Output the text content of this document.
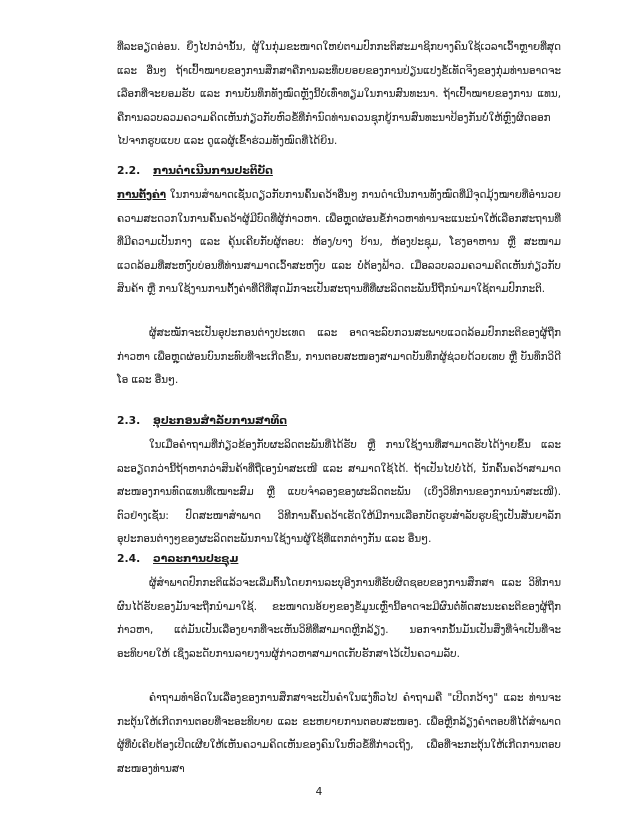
ທີ່ລະອຽດອ່ອນ. ຍິ່ງໄປກວ່ານັ້ນ, ຜູ້ໃນກຸ່ມຂະໜາດໃຫຍ່ຕາມປົກກະຕິສະມາຊິກບາງຄົນໃຊ້ເວລາເວົ້າຫຼາຍທີ່ສຸດ ແລະ ອື່ນໆ ຖ້າເປົ້າໝາຍຂອງການສຶກສາຄືການລະທຶບຍອຍຂອງການປ່ຽນແປງຂໍ້ເທັດຈິງຂອງກຸ່ມທ່ານອາດຈະເລືອກທີ່ຈະຍອມຮັບ ແລະ ການບັນທຶກທັງໝົດຫຼັງນີ້ບໍ່ເທົ່າທຽມໃນການສົນທະນາ. ຖ້າເປົ້າໝາຍຂອງການ ແທນ, ຄືການລວບລວມຄວາມຄິດເຫັນກ່ຽວກັບຫົວຂໍ້ທີ່ກຳນົດທ່ານຄວນຊຸກຍູ້ການສົນທະນາປ້ອງກັນບໍ່ໃຫ້ຫຼົງຜິດອອກໄປຈາກຮູບແບບ ແລະ ດູແລຜູ້ເຂົ້າຮ່ວມທັງໝົດທີ່ໄດ້ຍິນ.

2.2. ການດຳເນີນການປະຕິບັດ

ການຕັ້ງຄ່າ ໃນການສຳພາດເຊັ່ນດຽວກັບການຄົ້ນຄວ້າອື່ນໆ ການດຳເນີນການທັງໝົດທີ່ມີຈຸດມຸ້ງໝາຍທີ່ອຳນວຍຄວາມສະດວກໃນການຄົ້ນຄວ້າຜູ້ມີບົດທີ່ຜູ້ກ່າວຫາ. ເພື່ອຫຼຸດຜ່ອນຂໍ້ກ່າວຫາທ່ານຈະແນະນຳໃຫ້ເລືອກສະຖານທີ່ທີ່ມີຄວາມເປັນກາງ ແລະ ຄຸ້ນເຄີຍກັບຜູ້ຕອບ: ຫ້ອງ/ບາງ ບ້ານ, ຫ້ອງປະຊຸມ, ໂຮງອາຫານ ຫຼື ສະໜາມແວດລ້ອມທີ່ສະຫງົບບ່ອນທີ່ທ່ານສາມາດເວົ້າສະຫງົບ ແລະ ບໍ່ຕ້ອງຟ້າວ. ເມື່ອລວບລວມຄວາມຄິດເຫັນກ່ຽວກັບສິນຄ້າ ຫຼື ການໃຊ້ງານການຕັ້ງຄ່າທີ່ດີທີ່ສຸດມັກຈະເປັນສະຖານທີ່ທີ່ຜະລິດຕະພັນນີ້ຖືກນຳມາໃຊ້ຕາມປົກກະຕິ.

ຜູ້ສະໝັກຈະເປັນອຸປະກອນຕ່າງປະເທດ ແລະ ອາດຈະລົບກວນສະພາບແວດລ້ອມປົກກະຕິຂອງຜູ້ຖືກກ່າວຫາ ເພື່ອຫຼຸດຜ່ອນບົນກະທົບທີ່ຈະເກີດຂຶ້ນ, ການຕອບສະໜອງສາມາດບັນທຶກຜູ້ຊ່ວຍດ້ວຍເທບ ຫຼື ບັນທຶກວິດີໂອ ແລະ ອື່ນໆ.

2.3. ອຸປະກອນສຳລັບການສາທິດ

ໃນເມື່ອຄຳຖາມທີ່ກ່ຽວຂ້ອງກັບຜະລິດຕະພັນທີ່ໄດ້ຮັບ ຫຼື ການໃຊ້ງານທີ່ສາມາດຮັບໄດ້ງ່າຍຂຶ້ນ ແລະ ລະອຽດກວ່ານີ້ຖ້າຫາກວ່າສິນຄ້າທີ່ຖືເອງນຳສະເໜີ ແລະ ສາມາດໃຊ້ໄດ້. ຖ້າເປັນໄປບໍ່ໄດ້, ນັກຄົ້ນຄວ້າສາມາດສະໜອງການທົດແທນທີ່ເໝາະສົມ ຫຼື ແບບຈຳລອງຂອງຜະລິດຕະພັນ (ເບິ່ງວິທີການຂອງການນຳສະເໜີ). ຕົວຢ່າງເຊັ່ນ: ປົດສະໜາສຳພາດ ວິທີການຄົ້ນຄວ້າເຮັດໃຫ້ມີການເລືອກບັດຮູບສຳລັບຮູບຊົງເປັນສັນຍາລັກອຸປະກອນຕ່າງໆຂອງຜະລິດຕະພັນການໃຊ້ງານຜູ້ໃຊ້ທີ່ແຕກຕ່າງກັນ ແລະ ອື່ນໆ.

2.4. ວາລະການປະຊຸມ

ຜູ້ສຳພາດປົກກະຕິແລ້ວຈະເລີ່ມຕົ້ນໂດຍການລະບຸອີງການທີ່ຮັບຜິດຊອບຂອງການສຶກສາ ແລະ ວິທີການຜົນໄດ້ຮັບຂອງມັນຈະຖືກນຳມາໃຊ້. ຂະໜາດນອ້ຍໆຂອງຂໍ້ມູນເຫຼົ່ານີ້ອາດຈະມີຜົນຕໍ່ທັດສະນະຄະຕິຂອງຜູ້ຖືກກ່າວຫາ, ແຕ່ມັນເປັນເລື່ອງຍາກທີ່ຈະເຫັນວິທີທີ່ສາມາດຫຼີກລ້ຽງ. ນອກຈາກນັ້ນມັນເປັນສິ່ງທີ່ຈຳເປັນທີ່ຈະອະທິບາຍໃຫ້ ເຊິ່ງລະດັບການລາຍງານຜູ້ກ່າວຫາສາມາດເກັບຮັກສາໄວ້ເປັນຄວາມລັບ.

ຄຳຖາມທຳອິດໃນເລື່ອງຂອງການສຶກສາຈະເປັນຄຳໃນແງ່ທົ່ວໄປ ຄຳຖາມຄື "ເປີດກວ້າງ" ແລະ ທ່ານຈະກະຕຸ້ນໃຫ້ເກີດການຕອບທີ່ຈະອະທິບາຍ ແລະ ຂະຫຍາຍການຕອບສະໜອງ. ເພື່ອຫຼີກລ້ຽງຄຳຕອບທີ່ໄດ້ສຳພາດຜູ້ທີ່ບໍ່ເຄີຍຕ້ອງເປີດເຜີຍໃຫ້ເຫັນຄວາມຄິດເຫັນຂອງຄົນໃນຫົວຂໍ້ທີ່ກ່າວເຖິງ, ເພື່ອທີ່ຈະກະຕຸ້ນໃຫ້ເກີດການຕອບສະໜອງທ່ານສາ

4
